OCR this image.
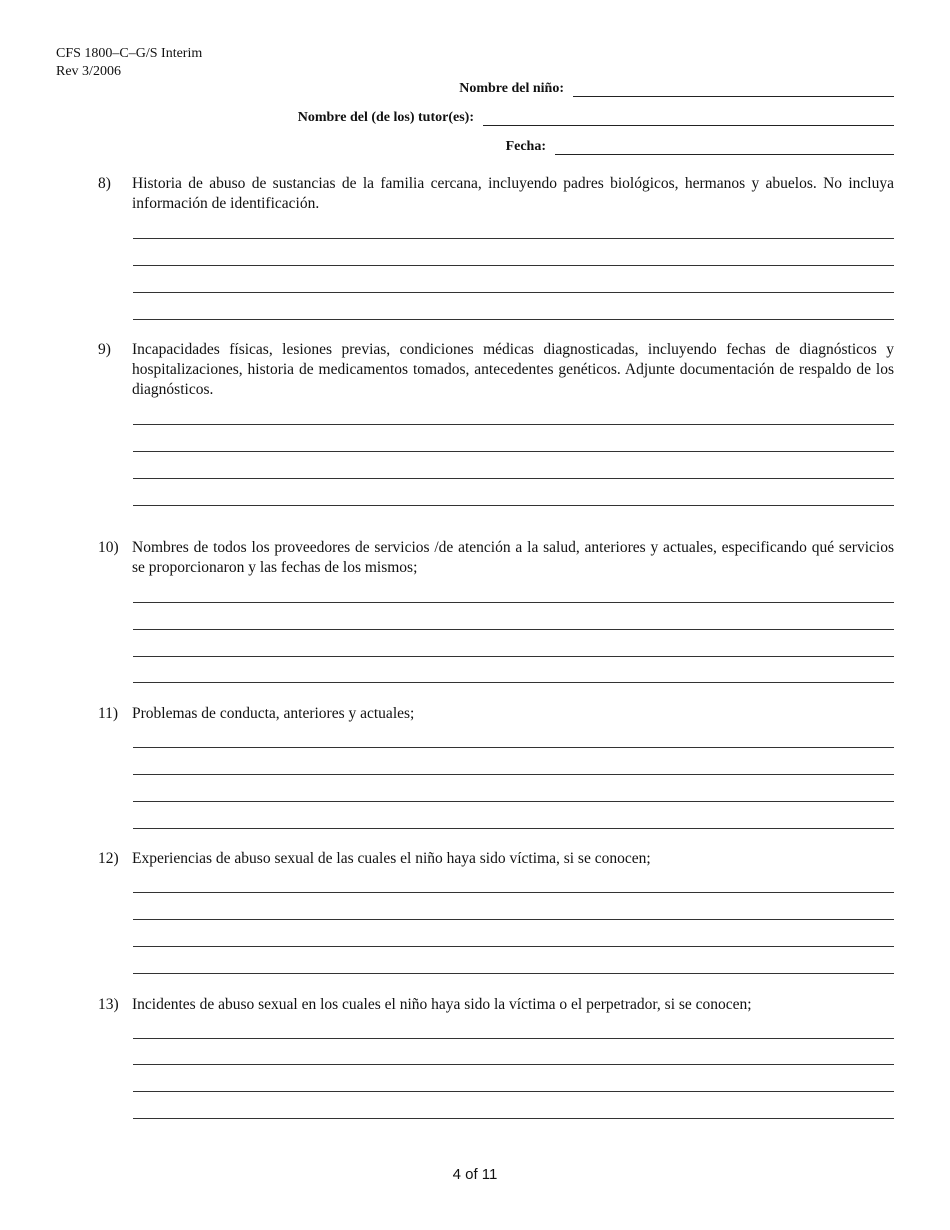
CFS 1800–C–G/S Interim
Rev 3/2006
Nombre del niño:
Nombre del (de los) tutor(es):
Fecha:
8) Historia de abuso de sustancias de la familia cercana, incluyendo padres biológicos, hermanos y abuelos. No incluya información de identificación.
9) Incapacidades físicas, lesiones previas, condiciones médicas diagnosticadas, incluyendo fechas de diagnósticos y hospitalizaciones, historia de medicamentos tomados, antecedentes genéticos. Adjunte documentación de respaldo de los diagnósticos.
10) Nombres de todos los proveedores de servicios /de atención a la salud, anteriores y actuales, especificando qué servicios se proporcionaron y las fechas de los mismos;
11) Problemas de conducta, anteriores y actuales;
12) Experiencias de abuso sexual de las cuales el niño haya sido víctima, si se conocen;
13) Incidentes de abuso sexual en los cuales el niño haya sido la víctima o el perpetrador, si se conocen;
4 of 11
